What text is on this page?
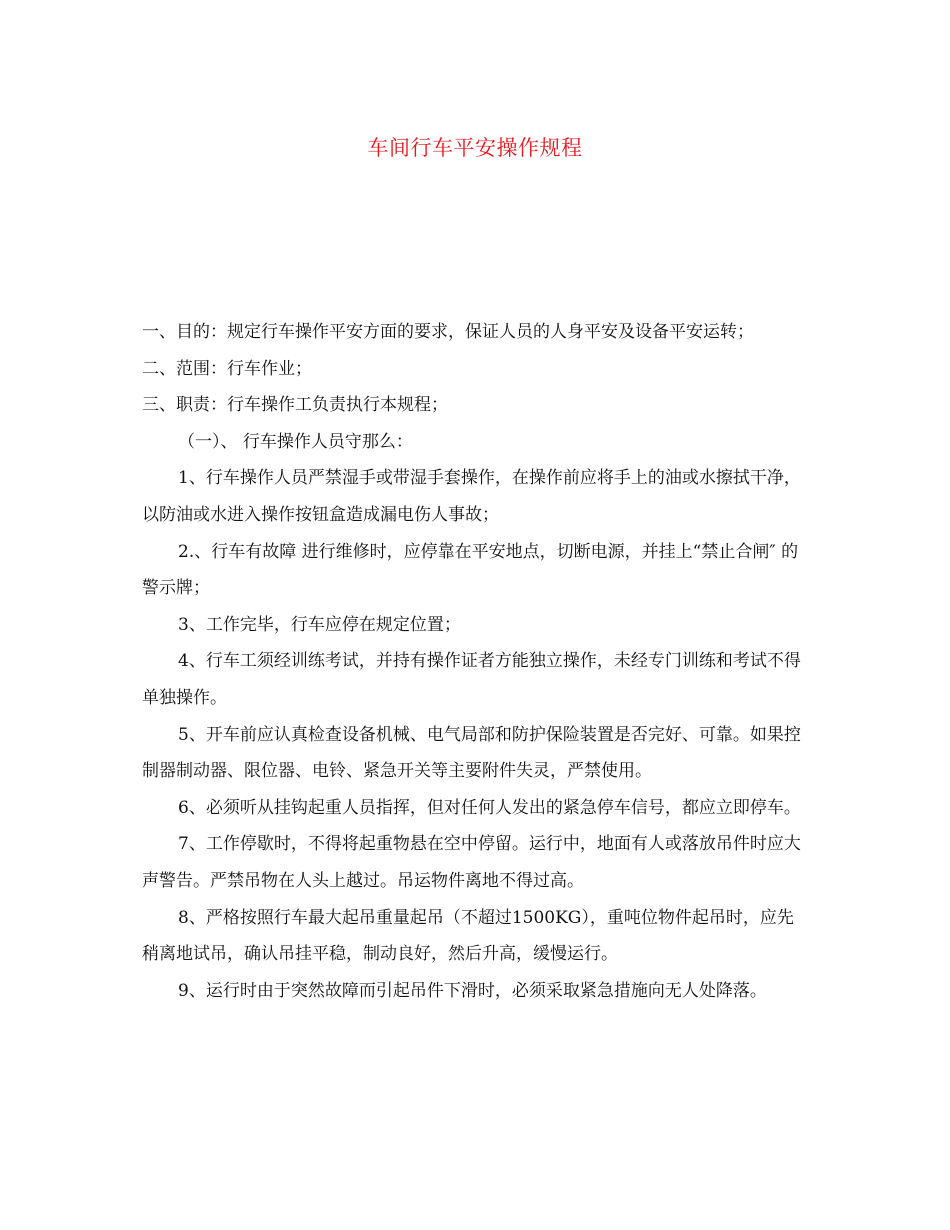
车间行车平安操作规程

一、目的：规定行车操作平安方面的要求，保证人员的人身平安及设备平安运转；

二、范围：行车作业；

三、职责：行车操作工负责执行本规程；

（一）、 行车操作人员守那么：

1、行车操作人员严禁湿手或带湿手套操作，在操作前应将手上的油或水擦拭干净，以防油或水进入操作按钮盒造成漏电伤人事故；

2.、行车有故障 进行维修时，应停靠在平安地点，切断电源，并挂上“禁止合闸″ 的警示牌；

3、工作完毕，行车应停在规定位置；

4、行车工须经训练考试，并持有操作证者方能独立操作，未经专门训练和考试不得单独操作。

5、开车前应认真检查设备机械、电气局部和防护保险装置是否完好、可靠。如果控制器制动器、限位器、电铃、紧急开关等主要附件失灵，严禁使用。

6、必须听从挂钩起重人员指挥，但对任何人发出的紧急停车信号，都应立即停车。

7、工作停歇时，不得将起重物悬在空中停留。运行中，地面有人或落放吊件时应大声警告。严禁吊物在人头上越过。吊运物件离地不得过高。

8、严格按照行车最大起吊重量起吊（不超过1500KG），重吨位物件起吊时，应先稍离地试吊，确认吊挂平稳，制动良好，然后升高，缓慢运行。

9、运行时由于突然故障而引起吊件下滑时，必须采取紧急措施向无人处降落。
